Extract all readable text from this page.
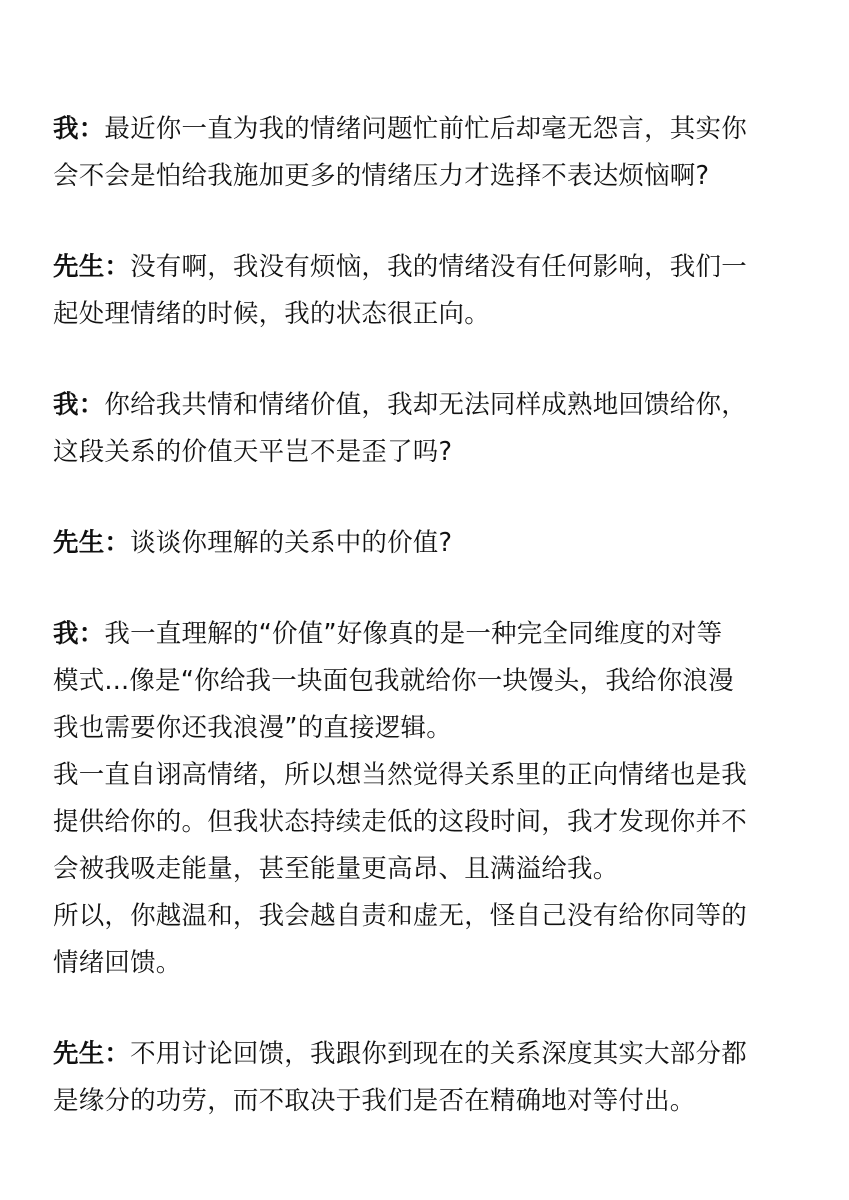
我：最近你一直为我的情绪问题忙前忙后却毫无怨言，其实你
会不会是怕给我施加更多的情绪压力才选择不表达烦恼啊?
先生：没有啊，我没有烦恼，我的情绪没有任何影响，我们一
起处理情绪的时候，我的状态很正向。
我：你给我共情和情绪价值，我却无法同样成熟地回馈给你，
这段关系的价值天平岂不是歪了吗?
先生：谈谈你理解的关系中的价值?
我：我一直理解的“价值”好像真的是一种完全同维度的对等
模式...像是“你给我一块面包我就给你一块馒头，我给你浪漫
我也需要你还我浪漫”的直接逻辑。
我一直自诩高情绪，所以想当然觉得关系里的正向情绪也是我
提供给你的。但我状态持续走低的这段时间，我才发现你并不
会被我吸走能量，甚至能量更高昂、且满溢给我。
所以，你越温和，我会越自责和虚无，怪自己没有给你同等的
情绪回馈。
先生：不用讨论回馈，我跟你到现在的关系深度其实大部分都
是缘分的功劳，而不取决于我们是否在精确地对等付出。
